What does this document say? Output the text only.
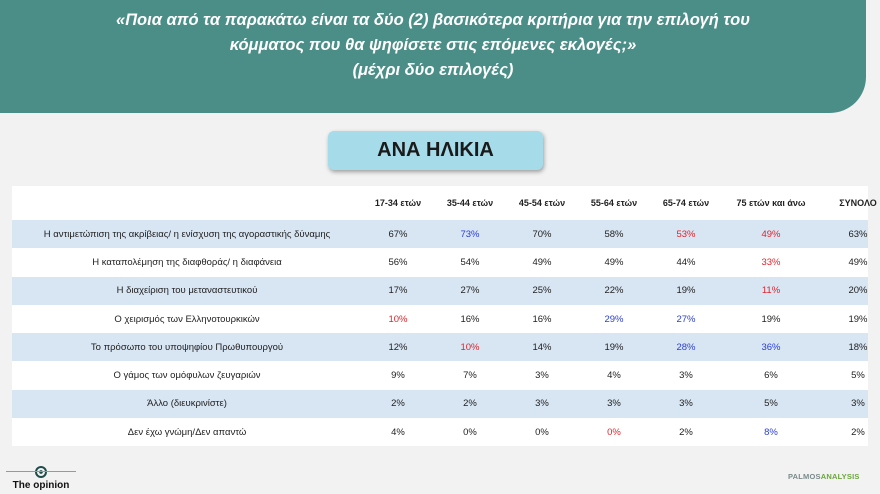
«Ποια από τα παρακάτω είναι τα δύο (2) βασικότερα κριτήρια για την επιλογή του
κόμματος που θα ψηφίσετε στις επόμενες εκλογές;»
(μέχρι δύο επιλογές)
ΑΝΑ ΗΛΙΚΙΑ
17-34 ετών	35-44 ετών	45-54 ετών	55-64 ετών	65-74 ετών	75 ετών και άνω	ΣΥΝΟΛΟ
Η αντιμετώπιση της ακρίβειας/ η ενίσχυση της αγοραστικής δύναμης	67%	73%	70%	58%	53%	49%	63%
Η καταπολέμηση της διαφθοράς/ η διαφάνεια	56%	54%	49%	49%	44%	33%	49%
Η διαχείριση του μεταναστευτικού	17%	27%	25%	22%	19%	11%	20%
Ο χειρισμός των Ελληνοτουρκικών	10%	16%	16%	29%	27%	19%	19%
Το πρόσωπο του υποψηφίου Πρωθυπουργού	12%	10%	14%	19%	28%	36%	18%
Ο γάμος των ομόφυλων ζευγαριών	9%	7%	3%	4%	3%	6%	5%
Άλλο (διευκρινίστε)	2%	2%	3%	3%	3%	5%	3%
Δεν έχω γνώμη/Δεν απαντώ	4%	0%	0%	0%	2%	8%	2%
The opinion
PALMOSANALYSIS
